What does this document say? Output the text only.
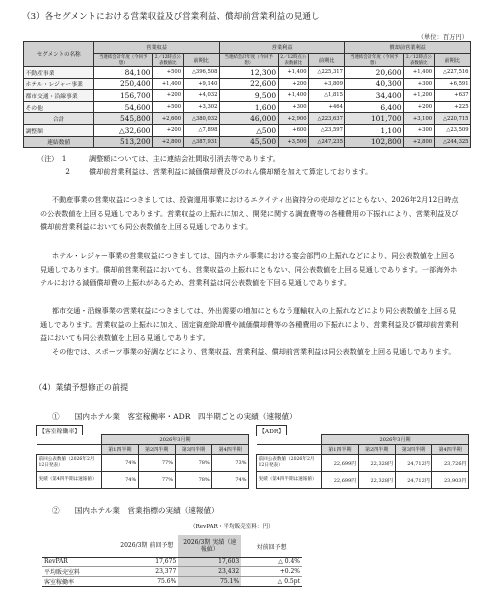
（3）各セグメントにおける営業収益及び営業利益、償却前営業利益の見通し
（単位：百万円）
セグメントの名称	営業収益			営業利益			償却前営業利益		
	当連結会計年度（今回予想）	2／12時点公表数値比	前期比	当連結会計年度（今回予想）	2／12時点公表数値比	前期比	当連結会計年度（今回予想）	2／12時点公表数値比	前期比
不動産事業	84,100	+500	△396,508	12,300	+1,400	△225,317	20,600	+1,400	△227,516
ホテル・レジャー事業	250,400	+1,400	+9,140	22,600	+200	+3,809	40,300	+300	+6,591
都市交通・沿線事業	156,700	+200	+4,032	9,500	+1,400	△1,815	34,400	+1,200	+637
その他	54,600	+500	+3,302	1,600	+300	+464	6,400	+200	+225
合計	545,800	+2,600	△380,032	46,000	+2,900	△223,637	101,700	+3,100	△220,715
調整額	△32,600	+200	△7,898	△500	+600	△23,597	1,100	+300	△23,509
連結数値	513,200	+2,800	△387,931	45,500	+3,500	△247,235	102,800	+2,800	△244,325
（注）　1	調整額については、主に連結会社間取引消去等であります。
　　　　2	償却前営業利益は、営業利益に減価償却費及びのれん償却額を加えて算定しております。
不動産事業の営業収益につきましては、投資運用事業におけるエクイティ出資持分の売却などにともない、2026年2月12日時点の公表数値を上回る見通しであります。営業収益の上振れに加え、開発に関する調査費等の各種費用の下振れにより、営業利益及び償却前営業利益においても同公表数値を上回る見通しであります。
ホテル・レジャー事業の営業収益につきましては、国内ホテル事業における宴会部門の上振れなどにより、同公表数値を上回る見通しであります。償却前営業利益においても、営業収益の上振れにともない、同公表数値を上回る見通しであります。一部海外ホテルにおける減価償却費の上振れがあるため、営業利益は同公表数値を下回る見通しであります。
都市交通・沿線事業の営業収益につきましては、外出需要の増加にともなう運輸収入の上振れなどにより同公表数値を上回る見通しであります。営業収益の上振れに加え、固定資産除却費や減価償却費等の各種費用の下振れにより、営業利益及び償却前営業利益においても同公表数値を上回る見通しであります。
その他では、スポーツ事業の好調などにより、営業収益、営業利益、償却前営業利益は同公表数値を上回る見通しであります。
（4）業績予想修正の前提
①　　国内ホテル業　客室稼働率・ADR　四半期ごとの実績（速報値）
【客室稼働率】	【ADR】
	2026年3月期			
	第1四半期	第2四半期	第3四半期	第4四半期
前回公表数値（2026年2月12日発表）	74%	77%	78%	73%
実績（第4四半期は速報値）	74%	77%	78%	74%
	2026年3月期			
	第1四半期	第2四半期	第3四半期	第4四半期
前回公表数値（2026年2月12日発表）	22,699円	22,328円	24,712円	23,726円
実績（第4四半期は速報値）	22,699円	22,328円	24,712円	23,903円
②　　国内ホテル業　営業指標の実績（速報値）
（RevPAR・平均販売室料：円）
	2026/3期 前回予想	2026/3期 実績（速報値）	対前回予想
RevPAR	17,675	17,603	△ 0.4%
平均販売室料	23,377	23,432	+0.2%
客室稼働率	75.6%	75.1%	△ 0.5pt
